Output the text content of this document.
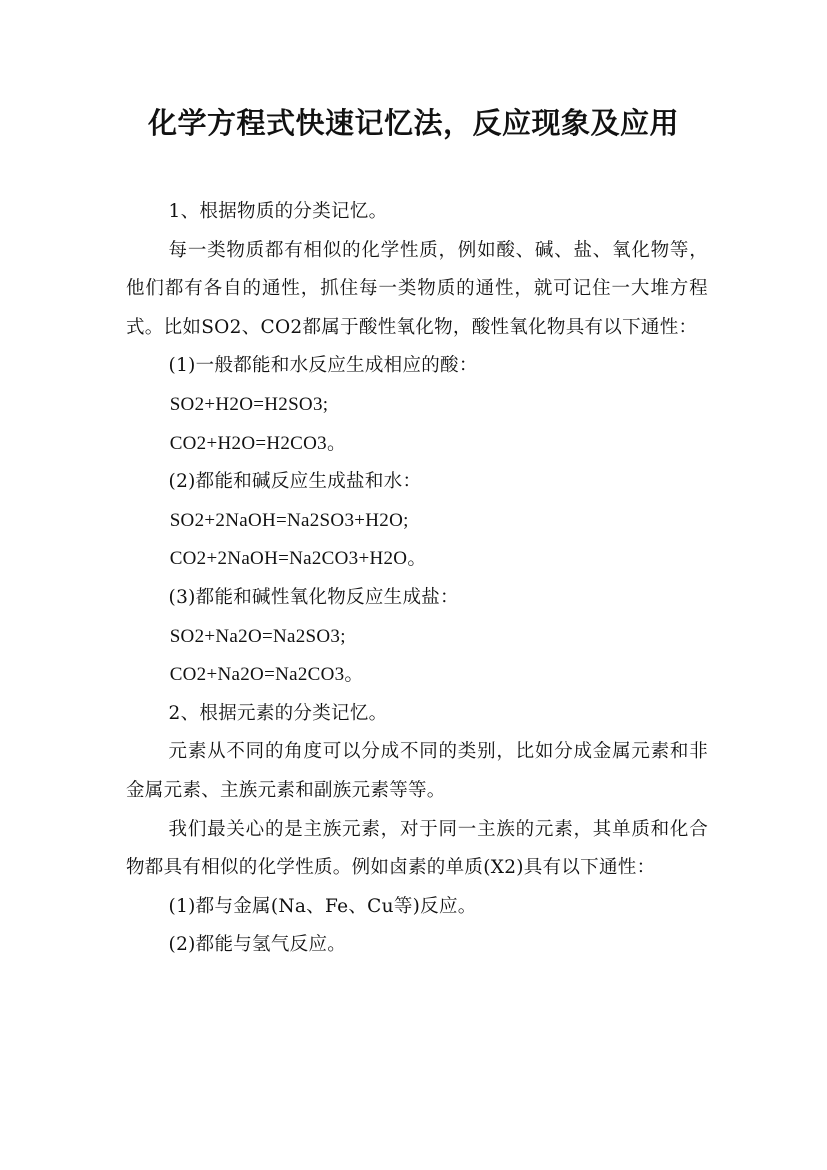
化学方程式快速记忆法，反应现象及应用

1、根据物质的分类记忆。

每一类物质都有相似的化学性质，例如酸、碱、盐、氧化物等，他们都有各自的通性，抓住每一类物质的通性，就可记住一大堆方程式。比如SO2、CO2都属于酸性氧化物，酸性氧化物具有以下通性：

(1)一般都能和水反应生成相应的酸：

SO2+H2O=H2SO3;

CO2+H2O=H2CO3。

(2)都能和碱反应生成盐和水：

SO2+2NaOH=Na2SO3+H2O;

CO2+2NaOH=Na2CO3+H2O。

(3)都能和碱性氧化物反应生成盐：

SO2+Na2O=Na2SO3;

CO2+Na2O=Na2CO3。

2、根据元素的分类记忆。

元素从不同的角度可以分成不同的类别，比如分成金属元素和非金属元素、主族元素和副族元素等等。

我们最关心的是主族元素，对于同一主族的元素，其单质和化合物都具有相似的化学性质。例如卤素的单质(X2)具有以下通性：

(1)都与金属(Na、Fe、Cu等)反应。

(2)都能与氢气反应。
